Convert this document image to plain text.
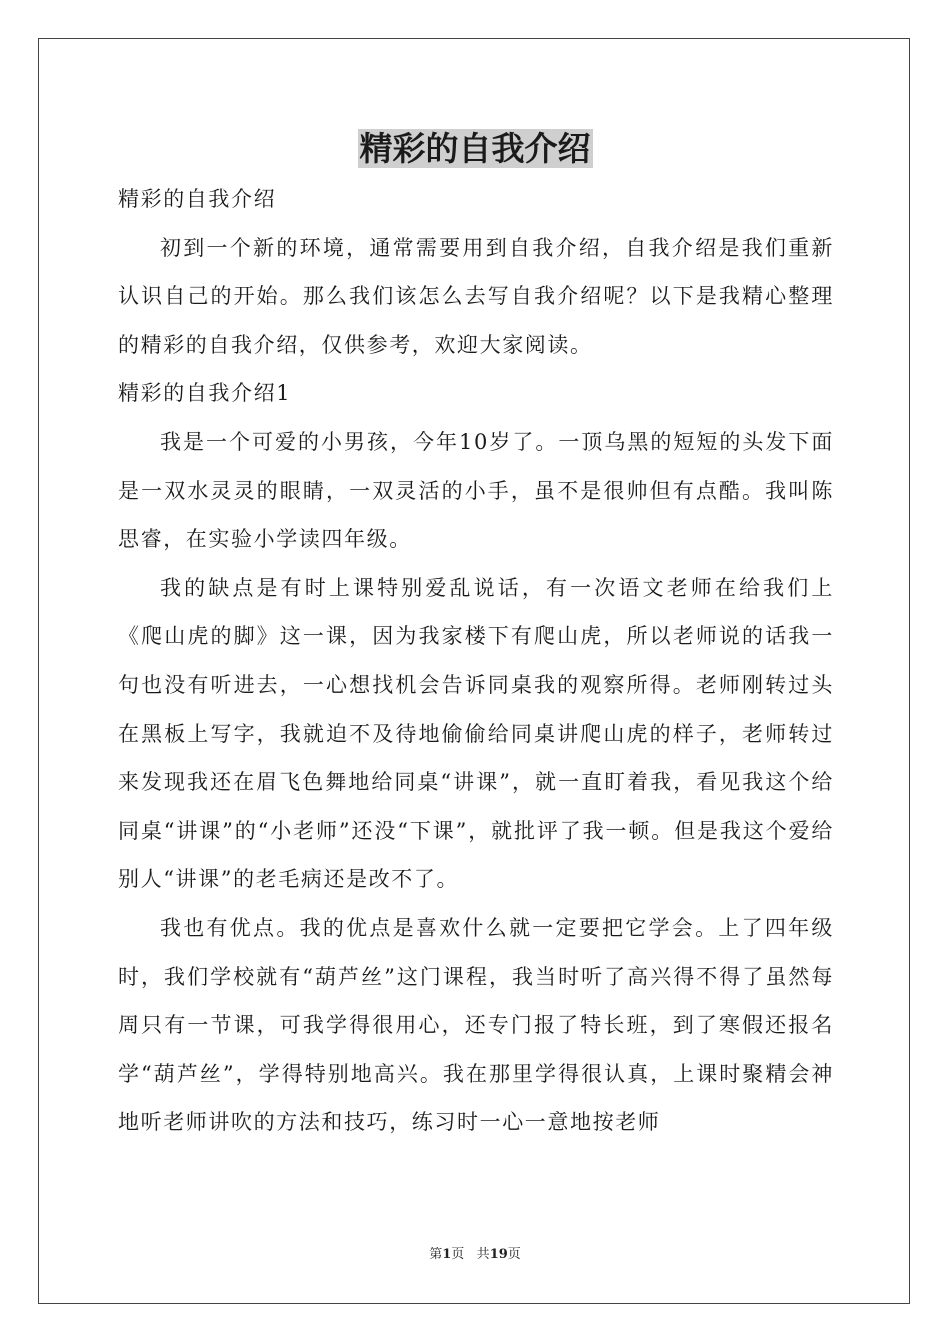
精彩的自我介绍

精彩的自我介绍

初到一个新的环境，通常需要用到自我介绍，自我介绍是我们重新认识自己的开始。那么我们该怎么去写自我介绍呢？以下是我精心整理的精彩的自我介绍，仅供参考，欢迎大家阅读。

精彩的自我介绍1

我是一个可爱的小男孩，今年10岁了。一顶乌黑的短短的头发下面是一双水灵灵的眼睛，一双灵活的小手，虽不是很帅但有点酷。我叫陈思睿，在实验小学读四年级。

我的缺点是有时上课特别爱乱说话，有一次语文老师在给我们上《爬山虎的脚》这一课，因为我家楼下有爬山虎，所以老师说的话我一句也没有听进去，一心想找机会告诉同桌我的观察所得。老师刚转过头在黑板上写字，我就迫不及待地偷偷给同桌讲爬山虎的样子，老师转过来发现我还在眉飞色舞地给同桌“讲课”，就一直盯着我，看见我这个给同桌“讲课”的“小老师”还没“下课”，就批评了我一顿。但是我这个爱给别人“讲课”的老毛病还是改不了。

我也有优点。我的优点是喜欢什么就一定要把它学会。上了四年级时，我们学校就有“葫芦丝”这门课程，我当时听了高兴得不得了虽然每周只有一节课，可我学得很用心，还专门报了特长班，到了寒假还报名学“葫芦丝”，学得特别地高兴。我在那里学得很认真，上课时聚精会神地听老师讲吹的方法和技巧，练习时一心一意地按老师

第1页 共19页
